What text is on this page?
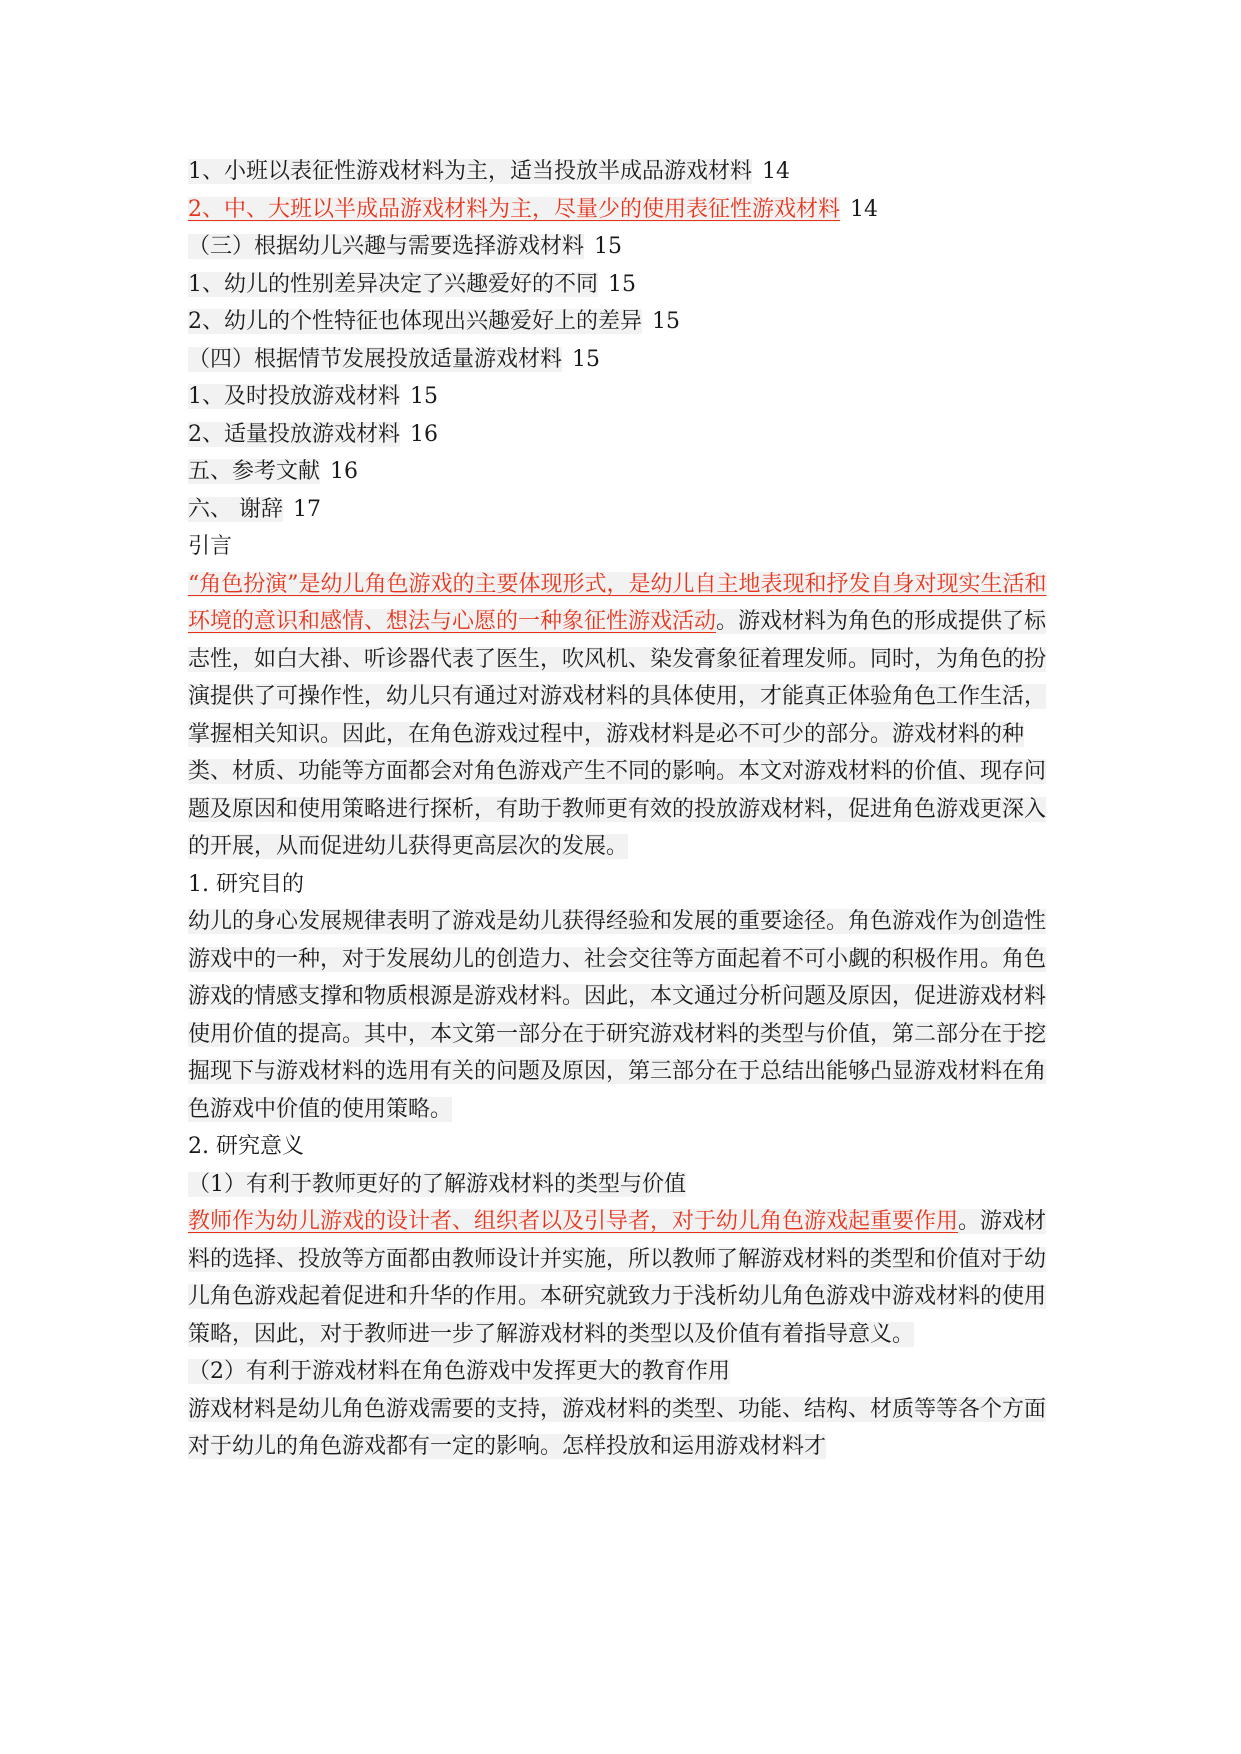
1、小班以表征性游戏材料为主，适当投放半成品游戏材料 14
2、中、大班以半成品游戏材料为主，尽量少的使用表征性游戏材料 14
（三）根据幼儿兴趣与需要选择游戏材料 15
1、幼儿的性别差异决定了兴趣爱好的不同 15
2、幼儿的个性特征也体现出兴趣爱好上的差异 15
（四）根据情节发展投放适量游戏材料 15
1、及时投放游戏材料 15
2、适量投放游戏材料 16
五、参考文献 16
六、 谢辞 17
引言
“角色扮演”是幼儿角色游戏的主要体现形式，是幼儿自主地表现和抒发自身对现实生活和环境的意识和感情、想法与心愿的一种象征性游戏活动。游戏材料为角色的形成提供了标志性，如白大褂、听诊器代表了医生，吹风机、染发膏象征着理发师。同时，为角色的扮演提供了可操作性，幼儿只有通过对游戏材料的具体使用，才能真正体验角色工作生活，掌握相关知识。因此，在角色游戏过程中，游戏材料是必不可少的部分。游戏材料的种类、材质、功能等方面都会对角色游戏产生不同的影响。本文对游戏材料的价值、现存问题及原因和使用策略进行探析，有助于教师更有效的投放游戏材料，促进角色游戏更深入的开展，从而促进幼儿获得更高层次的发展。
1. 研究目的
幼儿的身心发展规律表明了游戏是幼儿获得经验和发展的重要途径。角色游戏作为创造性游戏中的一种，对于发展幼儿的创造力、社会交往等方面起着不可小觑的积极作用。角色游戏的情感支撑和物质根源是游戏材料。因此，本文通过分析问题及原因，促进游戏材料使用价值的提高。其中，本文第一部分在于研究游戏材料的类型与价值，第二部分在于挖掘现下与游戏材料的选用有关的问题及原因，第三部分在于总结出能够凸显游戏材料在角色游戏中价值的使用策略。
2. 研究意义
（1）有利于教师更好的了解游戏材料的类型与价值
教师作为幼儿游戏的设计者、组织者以及引导者，对于幼儿角色游戏起重要作用。游戏材料的选择、投放等方面都由教师设计并实施，所以教师了解游戏材料的类型和价值对于幼儿角色游戏起着促进和升华的作用。本研究就致力于浅析幼儿角色游戏中游戏材料的使用策略，因此，对于教师进一步了解游戏材料的类型以及价值有着指导意义。
（2）有利于游戏材料在角色游戏中发挥更大的教育作用
游戏材料是幼儿角色游戏需要的支持，游戏材料的类型、功能、结构、材质等等各个方面对于幼儿的角色游戏都有一定的影响。怎样投放和运用游戏材料才
